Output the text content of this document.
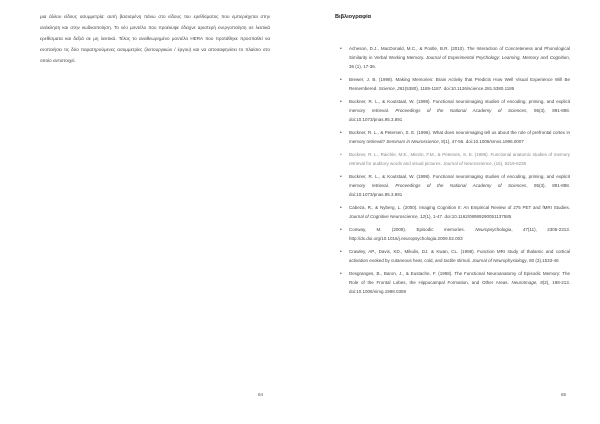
μια άλλου είδους ασυμμετρία: αυτή βασισμένη πάνω στο είδους του ερεθίσματος που εμπεριέχεται στην ανάκληση και στην κωδικοποίηση. Το νέο μοντέλο που προέκυψε έδειχνε αριστερή ενεργοποίηση σε λεκτικά ερεθίσματα και δεξιά σε μη λεκτικά. Τέλος το αναθεωρημένο μοντέλο HERA που προτάθηκε προσπαθεί να ενοποιήσει τις δύο παρατηρούμενες ασυμμετρίες (λειτουργικών / έργου) και να αποσαφηνίσει το πλαίσιο στο οποίο αντιστοιχεί.

64
Βιβλιογραφία
• Acheson, D.J., MacDonald, M.C., & Postle, B.R. (2010). The Interaction of Concreteness and Phonological Similarity in Verbal Working Memory. Journal of Experimental Psychology: Learning, Memory and Cognition, 36 (1), 17-36.
• Brewer, J. B. (1998). Making Memories: Brain Activity that Predicts How Well Visual Experience Will Be Remembered. Science, 281(5380), 1185-1187. doi:10.1126/science.281.5380.1185
• Buckner, R. L., & Koutstaal, W. (1998). Functional neuroimaging studies of encoding, priming, and explicit memory retrieval. Proceedings of the National Academy of Sciences, 95(3), 891-898. doi:10.1073/pnas.95.3.891
• Buckner, R. L., & Petersen, S. E. (1996). What does neuroimaging tell us about the role of prefrontal cortex in memory retrieval? Seminars in Neuroscience, 8(1), 47-55. doi:10.1006/smns.1996.0007
• Buckner, R. L., Raichle, M.E., Miezin, F.M., & Petersen, S. E. (1996). Functional anatomic studies of memory retrieval for auditory words and visual pictures. Journal of Neuroscience, (16), 6219-6235
• Buckner, R. L., & Koutstaal, W. (1998). Functional neuroimaging studies of encoding, priming, and explicit memory retrieval. Proceedings of the National Academy of Sciences, 95(3), 891-898. doi:10.1073/pnas.95.3.891
• Cabeza, R., & Nyberg, L. (2000). Imaging Cognition II: An Empirical Review of 275 PET and fMRI Studies. Journal of Cognitive Neuroscience, 12(1), 1-47. doi:10.1162/08989290051137585
• Conway, M. (2009). Episodic memories. Neuropsychologia, 47(11), 2305-2313. http://dx.doi.org/10.1016/j.neuropsychologia.2009.02.003
• Crawley, AP., Davis, KD., Mikulis, DJ. & Kwan, CL. (1998). Function MRI study of thalamic and cortical activation evoked by cutaneous heat, cold, and tactile stimuli. Journal of Neurophysiology, 80 (3),1533-46
• Desgranges, B., Baron, J., & Eustache, F. (1998). The Functional Neuroanatomy of Episodic Memory: The Role of the Frontal Lobes, the Hippocampal Formation, and Other Areas. NeuroImage, 8(2), 198-213. doi:10.1006/nimg.1998.0359
65
